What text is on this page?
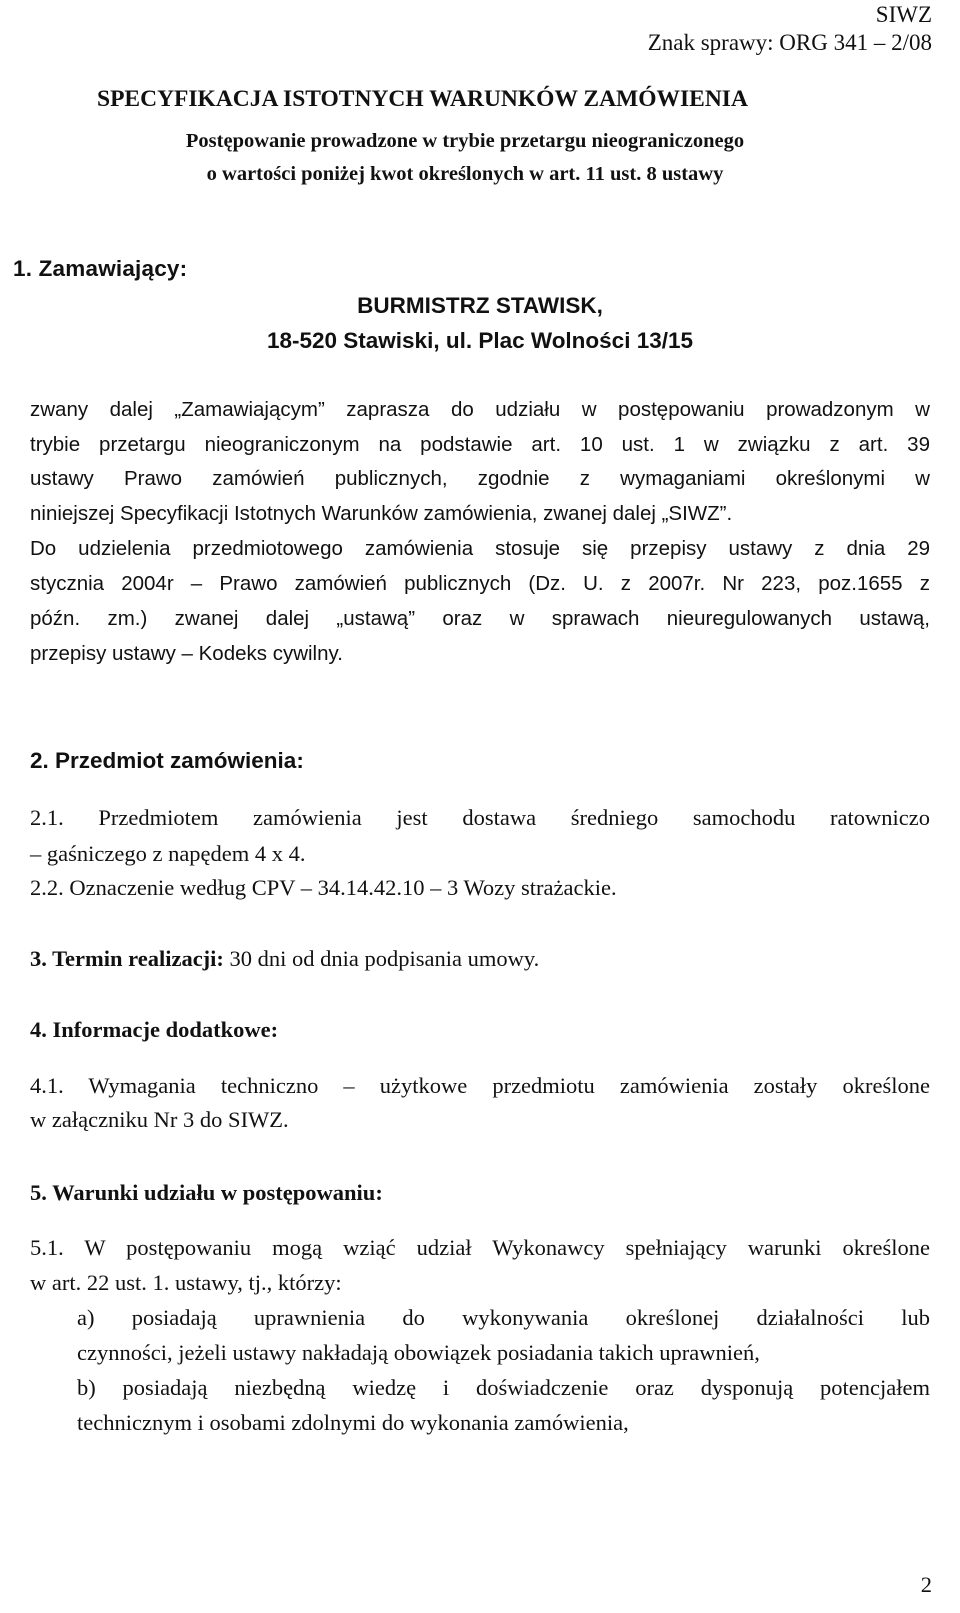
SIWZ
Znak sprawy: ORG 341 – 2/08
SPECYFIKACJA ISTOTNYCH WARUNKÓW ZAMÓWIENIA
Postępowanie prowadzone w trybie przetargu nieograniczonego
o wartości poniżej kwot określonych w art. 11 ust. 8 ustawy
1. Zamawiający:
BURMISTRZ STAWISK,
18-520 Stawiski, ul. Plac Wolności 13/15
zwany dalej „Zamawiającym” zaprasza do udziału w postępowaniu prowadzonym w
trybie przetargu nieograniczonym na podstawie art. 10 ust. 1 w związku z art. 39
ustawy Prawo zamówień publicznych, zgodnie z wymaganiami określonymi w
niniejszej Specyfikacji Istotnych Warunków zamówienia, zwanej dalej „SIWZ”.
Do udzielenia przedmiotowego zamówienia stosuje się przepisy ustawy z dnia 29
stycznia 2004r – Prawo zamówień publicznych (Dz. U. z 2007r. Nr 223, poz.1655 z
późn. zm.) zwanej dalej „ustawą” oraz w sprawach nieuregulowanych ustawą,
przepisy ustawy – Kodeks cywilny.
2. Przedmiot zamówienia:
2.1. Przedmiotem zamówienia jest dostawa średniego samochodu ratowniczo
– gaśniczego z napędem 4 x 4.
2.2. Oznaczenie według CPV – 34.14.42.10 – 3 Wozy strażackie.
3. Termin realizacji: 30 dni od dnia podpisania umowy.
4. Informacje dodatkowe:
4.1. Wymagania techniczno – użytkowe przedmiotu zamówienia zostały określone
w załączniku Nr 3 do SIWZ.
5. Warunki udziału w postępowaniu:
5.1. W postępowaniu mogą wziąć udział Wykonawcy spełniający warunki określone
w art. 22 ust. 1. ustawy, tj., którzy:
a) posiadają uprawnienia do wykonywania określonej działalności lub
czynności, jeżeli ustawy nakładają obowiązek posiadania takich uprawnień,
b) posiadają niezbędną wiedzę i doświadczenie oraz dysponują potencjałem
technicznym i osobami zdolnymi do wykonania zamówienia,
2
